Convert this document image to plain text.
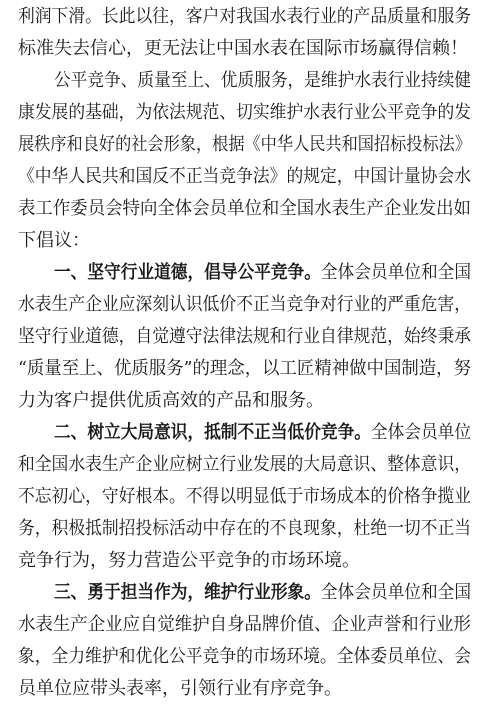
利润下滑。长此以往，客户对我国水表行业的产品质量和服务
标准失去信心，更无法让中国水表在国际市场赢得信赖！
公平竞争、质量至上、优质服务，是维护水表行业持续健
康发展的基础，为依法规范、切实维护水表行业公平竞争的发
展秩序和良好的社会形象，根据《中华人民共和国招标投标法》
《中华人民共和国反不正当竞争法》的规定，中国计量协会水
表工作委员会特向全体会员单位和全国水表生产企业发出如
下倡议：
一、坚守行业道德，倡导公平竞争。全体会员单位和全国
水表生产企业应深刻认识低价不正当竞争对行业的严重危害，
坚守行业道德，自觉遵守法律法规和行业自律规范，始终秉承
“质量至上、优质服务”的理念，以工匠精神做中国制造，努
力为客户提供优质高效的产品和服务。
二、树立大局意识，抵制不正当低价竞争。全体会员单位
和全国水表生产企业应树立行业发展的大局意识、整体意识，
不忘初心，守好根本。不得以明显低于市场成本的价格争揽业
务，积极抵制招投标活动中存在的不良现象，杜绝一切不正当
竞争行为，努力营造公平竞争的市场环境。
三、勇于担当作为，维护行业形象。全体会员单位和全国
水表生产企业应自觉维护自身品牌价值、企业声誉和行业形
象，全力维护和优化公平竞争的市场环境。全体委员单位、会
员单位应带头表率，引领行业有序竞争。
